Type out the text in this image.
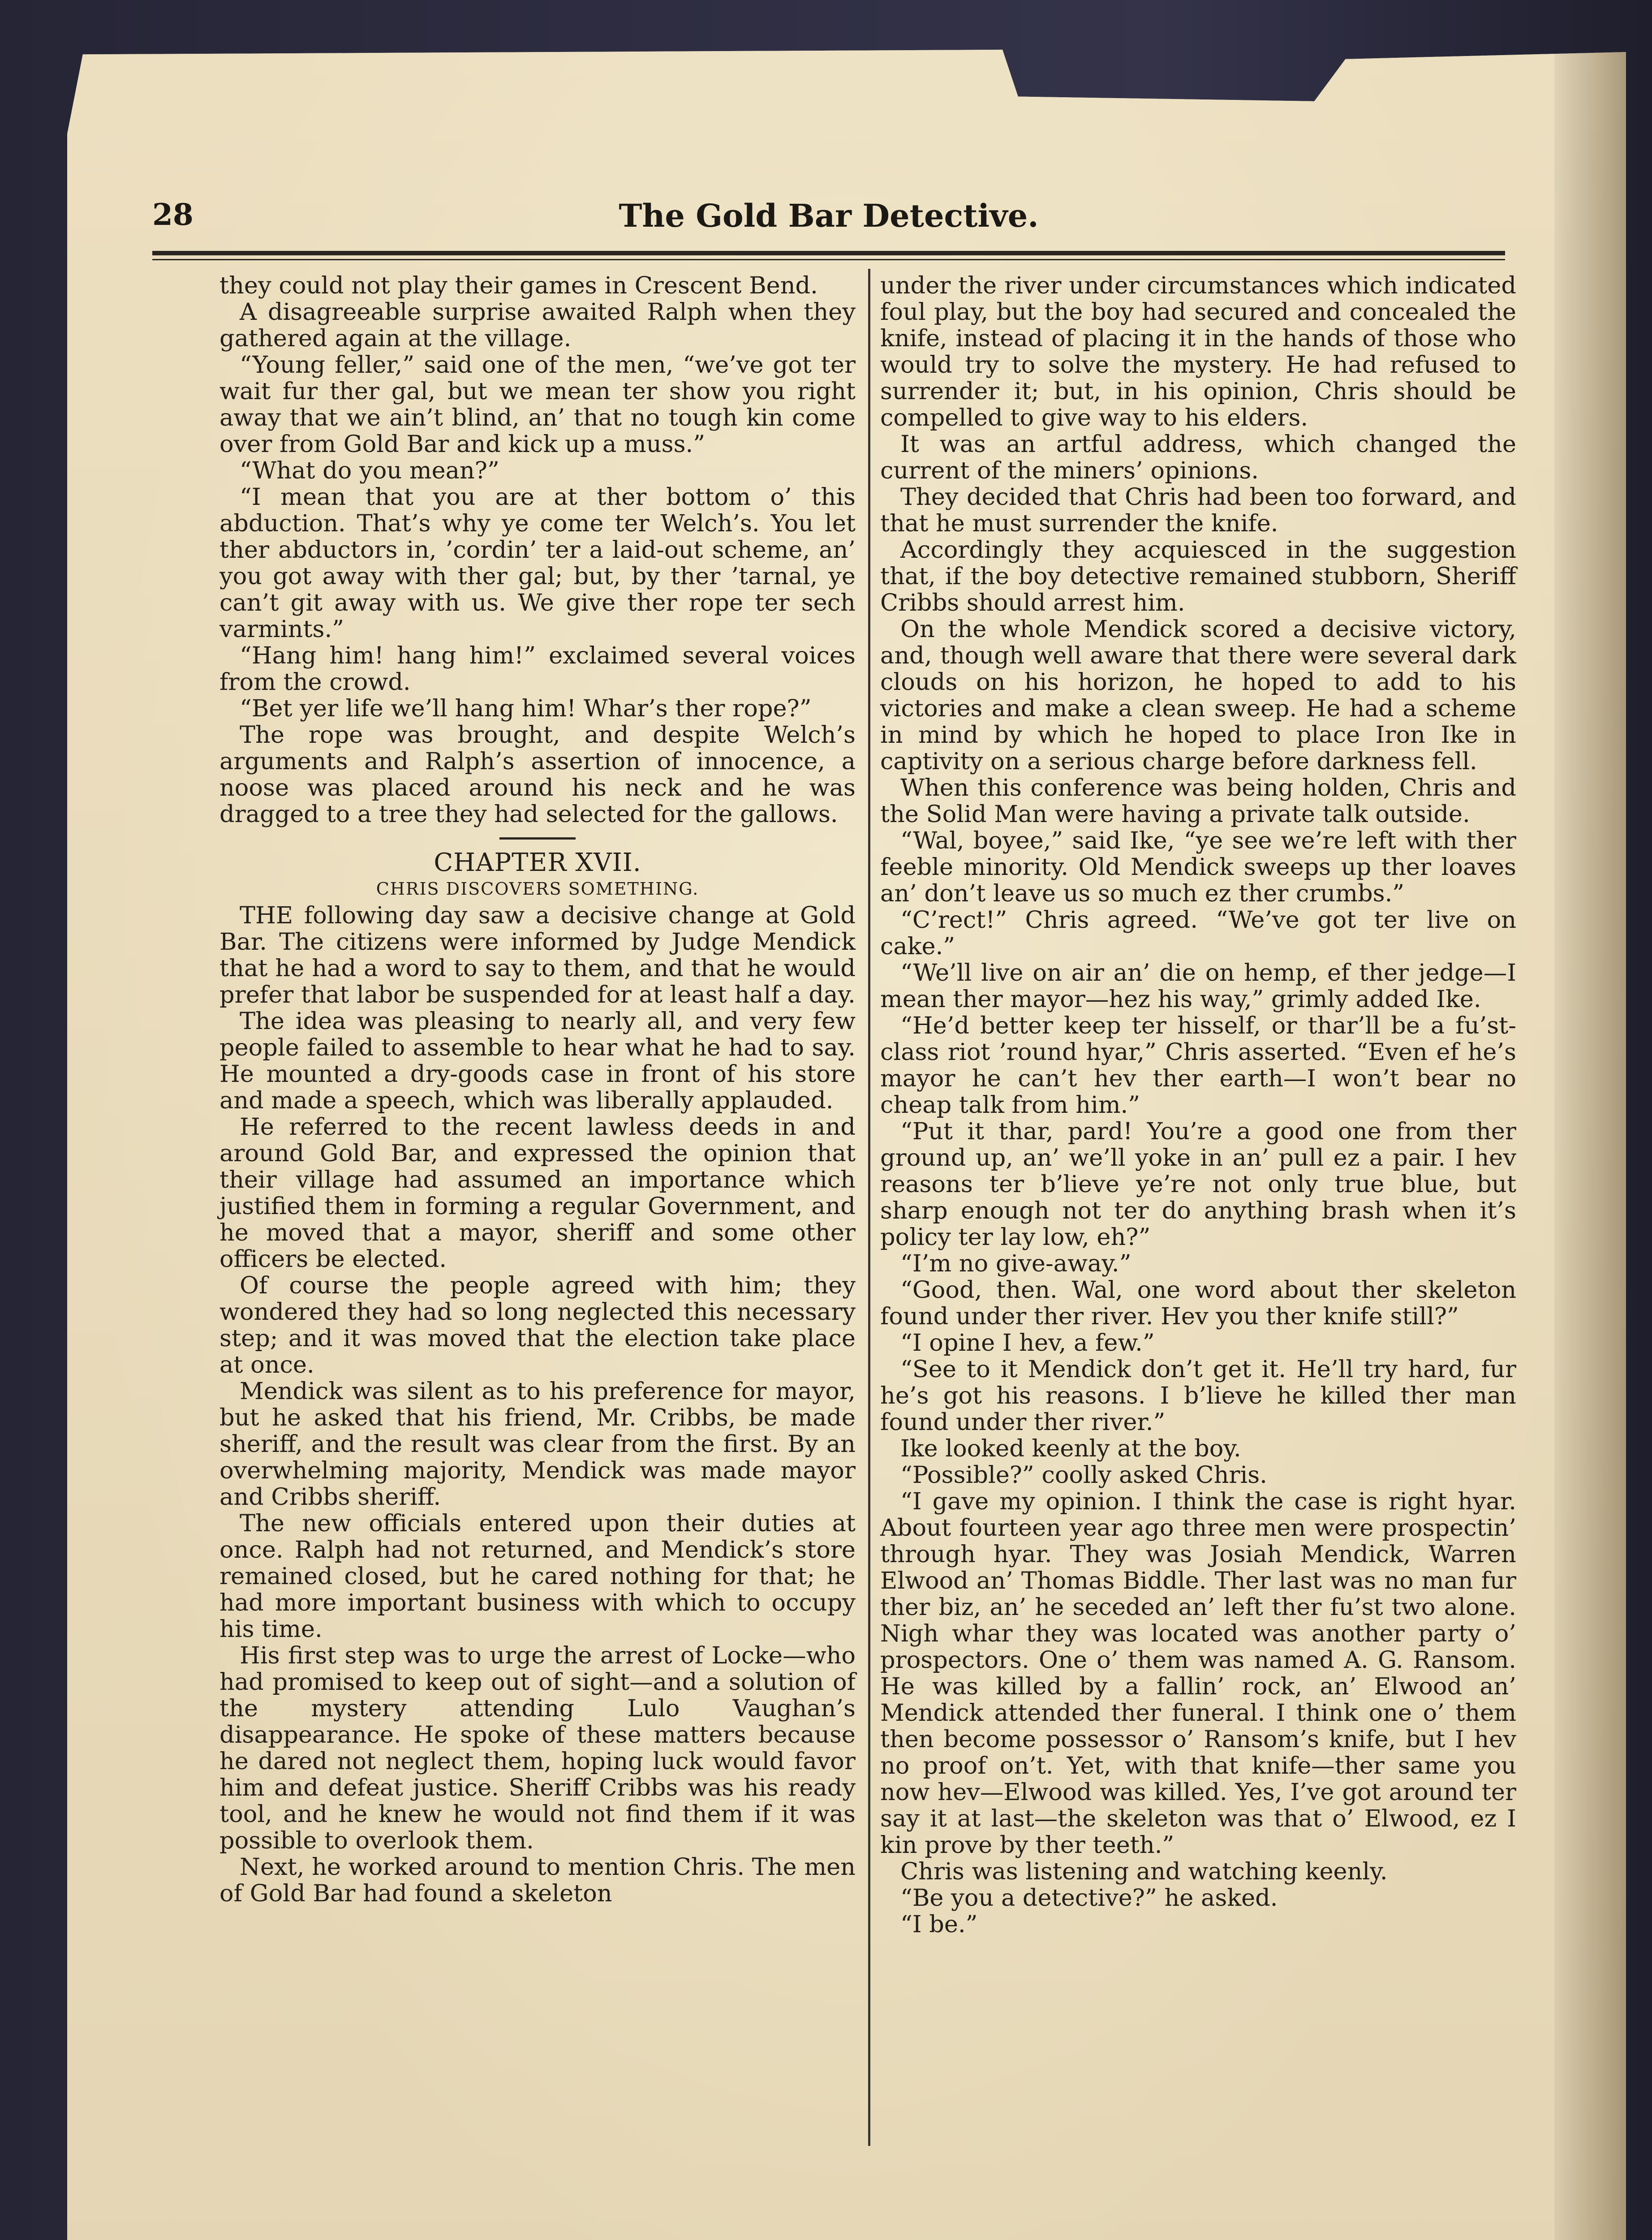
28	The Gold Bar Detective.

they could not play their games in Crescent Bend.

A disagreeable surprise awaited Ralph when they gathered again at the village.

“Young feller,” said one of the men, “we’ve got ter wait fur ther gal, but we mean ter show you right away that we ain’t blind, an’ that no tough kin come over from Gold Bar and kick up a muss.”

“What do you mean?”

“I mean that you are at ther bottom o’ this abduction. That’s why ye come ter Welch’s. You let ther abductors in, ’cordin’ ter a laid-out scheme, an’ you got away with ther gal; but, by ther ’tarnal, ye can’t git away with us. We give ther rope ter sech varmints.”

“Hang him! hang him!” exclaimed several voices from the crowd.

“Bet yer life we’ll hang him! Whar’s ther rope?”

The rope was brought, and despite Welch’s arguments and Ralph’s assertion of innocence, a noose was placed around his neck and he was dragged to a tree they had selected for the gallows.

CHAPTER XVII.

CHRIS DISCOVERS SOMETHING.

THE following day saw a decisive change at Gold Bar. The citizens were informed by Judge Mendick that he had a word to say to them, and that he would prefer that labor be suspended for at least half a day.

The idea was pleasing to nearly all, and very few people failed to assemble to hear what he had to say. He mounted a dry-goods case in front of his store and made a speech, which was liberally applauded.

He referred to the recent lawless deeds in and around Gold Bar, and expressed the opinion that their village had assumed an importance which justified them in forming a regular Government, and he moved that a mayor, sheriff and some other officers be elected.

Of course the people agreed with him; they wondered they had so long neglected this necessary step; and it was moved that the election take place at once.

Mendick was silent as to his preference for mayor, but he asked that his friend, Mr. Cribbs, be made sheriff, and the result was clear from the first. By an overwhelming majority, Mendick was made mayor and Cribbs sheriff.

The new officials entered upon their duties at once. Ralph had not returned, and Mendick’s store remained closed, but he cared nothing for that; he had more important business with which to occupy his time.

His first step was to urge the arrest of Locke—who had promised to keep out of sight—and a solution of the mystery attending Lulo Vaughan’s disappearance. He spoke of these matters because he dared not neglect them, hoping luck would favor him and defeat justice. Sheriff Cribbs was his ready tool, and he knew he would not find them if it was possible to overlook them.

Next, he worked around to mention Chris. The men of Gold Bar had found a skeleton

under the river under circumstances which indicated foul play, but the boy had secured and concealed the knife, instead of placing it in the hands of those who would try to solve the mystery. He had refused to surrender it; but, in his opinion, Chris should be compelled to give way to his elders.

It was an artful address, which changed the current of the miners’ opinions.

They decided that Chris had been too forward, and that he must surrender the knife.

Accordingly they acquiesced in the suggestion that, if the boy detective remained stubborn, Sheriff Cribbs should arrest him.

On the whole Mendick scored a decisive victory, and, though well aware that there were several dark clouds on his horizon, he hoped to add to his victories and make a clean sweep. He had a scheme in mind by which he hoped to place Iron Ike in captivity on a serious charge before darkness fell.

When this conference was being holden, Chris and the Solid Man were having a private talk outside.

“Wal, boyee,” said Ike, “ye see we’re left with ther feeble minority. Old Mendick sweeps up ther loaves an’ don’t leave us so much ez ther crumbs.”

“C’rect!” Chris agreed. “We’ve got ter live on cake.”

“We’ll live on air an’ die on hemp, ef ther jedge—I mean ther mayor—hez his way,” grimly added Ike.

“He’d better keep ter hisself, or thar’ll be a fu’st-class riot ’round hyar,” Chris asserted. “Even ef he’s mayor he can’t hev ther earth—I won’t bear no cheap talk from him.”

“Put it thar, pard! You’re a good one from ther ground up, an’ we’ll yoke in an’ pull ez a pair. I hev reasons ter b’lieve ye’re not only true blue, but sharp enough not ter do anything brash when it’s policy ter lay low, eh?”

“I’m no give-away.”

“Good, then. Wal, one word about ther skeleton found under ther river. Hev you ther knife still?”

“I opine I hev, a few.”

“See to it Mendick don’t get it. He’ll try hard, fur he’s got his reasons. I b’lieve he killed ther man found under ther river.”

Ike looked keenly at the boy.

“Possible?” coolly asked Chris.

“I gave my opinion. I think the case is right hyar. About fourteen year ago three men were prospectin’ through hyar. They was Josiah Mendick, Warren Elwood an’ Thomas Biddle. Ther last was no man fur ther biz, an’ he seceded an’ left ther fu’st two alone. Nigh whar they was located was another party o’ prospectors. One o’ them was named A. G. Ransom. He was killed by a fallin’ rock, an’ Elwood an’ Mendick attended ther funeral. I think one o’ them then become possessor o’ Ransom’s knife, but I hev no proof on’t. Yet, with that knife—ther same you now hev—Elwood was killed. Yes, I’ve got around ter say it at last—the skeleton was that o’ Elwood, ez I kin prove by ther teeth.”

Chris was listening and watching keenly.

“Be you a detective?” he asked.

“I be.”
